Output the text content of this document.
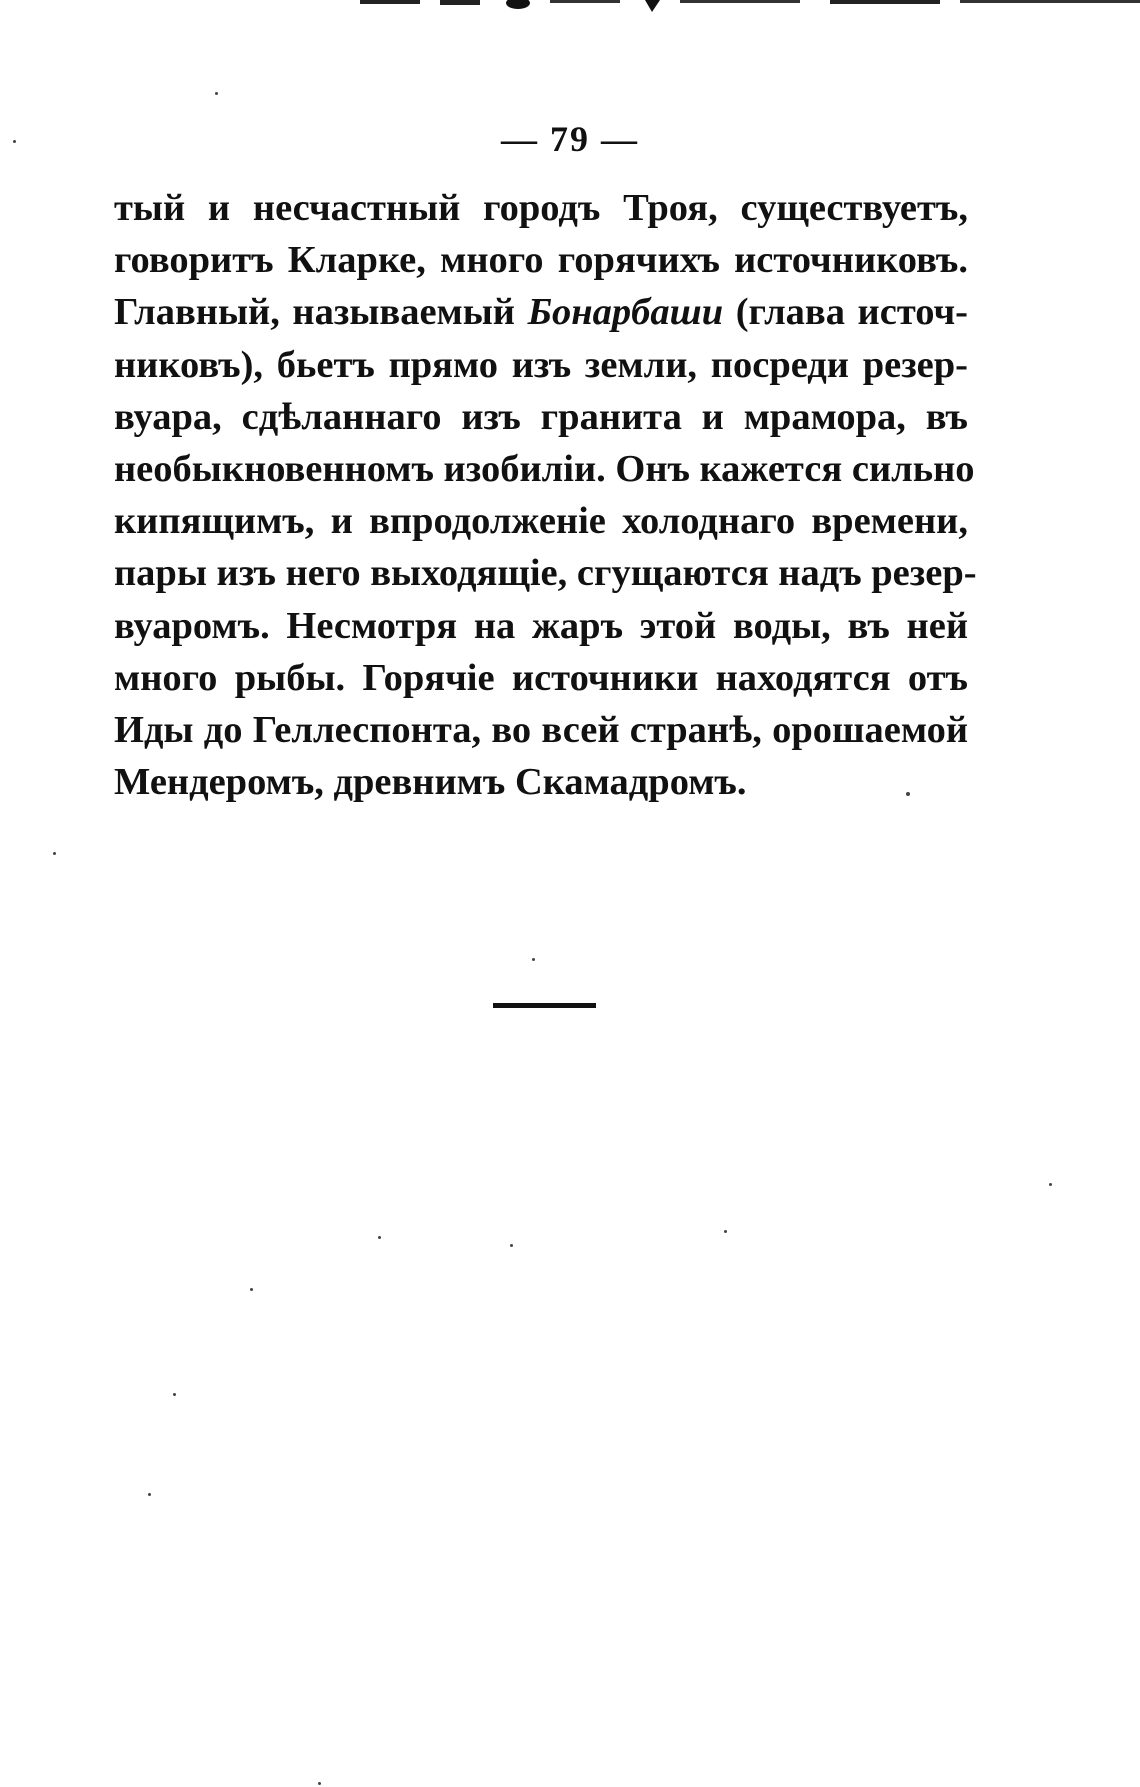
— 79 —
тый и несчастный городъ Троя, существуетъ,
говоритъ Кларке, много горячихъ источниковъ.
Главный, называемый Бонарбаши (глава источ-
никовъ), бьетъ прямо изъ земли, посреди резер-
вуара, сдѣланнаго изъ гранита и мрамора, въ
необыкновенномъ изобиліи. Онъ кажется сильно
кипящимъ, и впродолженіе холоднаго времени,
пары изъ него выходящіе, сгущаются надъ резер-
вуаромъ. Несмотря на жаръ этой воды, въ ней
много рыбы. Горячіе источники находятся отъ
Иды до Геллеспонта, во всей странѣ, орошаемой
Мендеромъ, древнимъ Скамадромъ.
